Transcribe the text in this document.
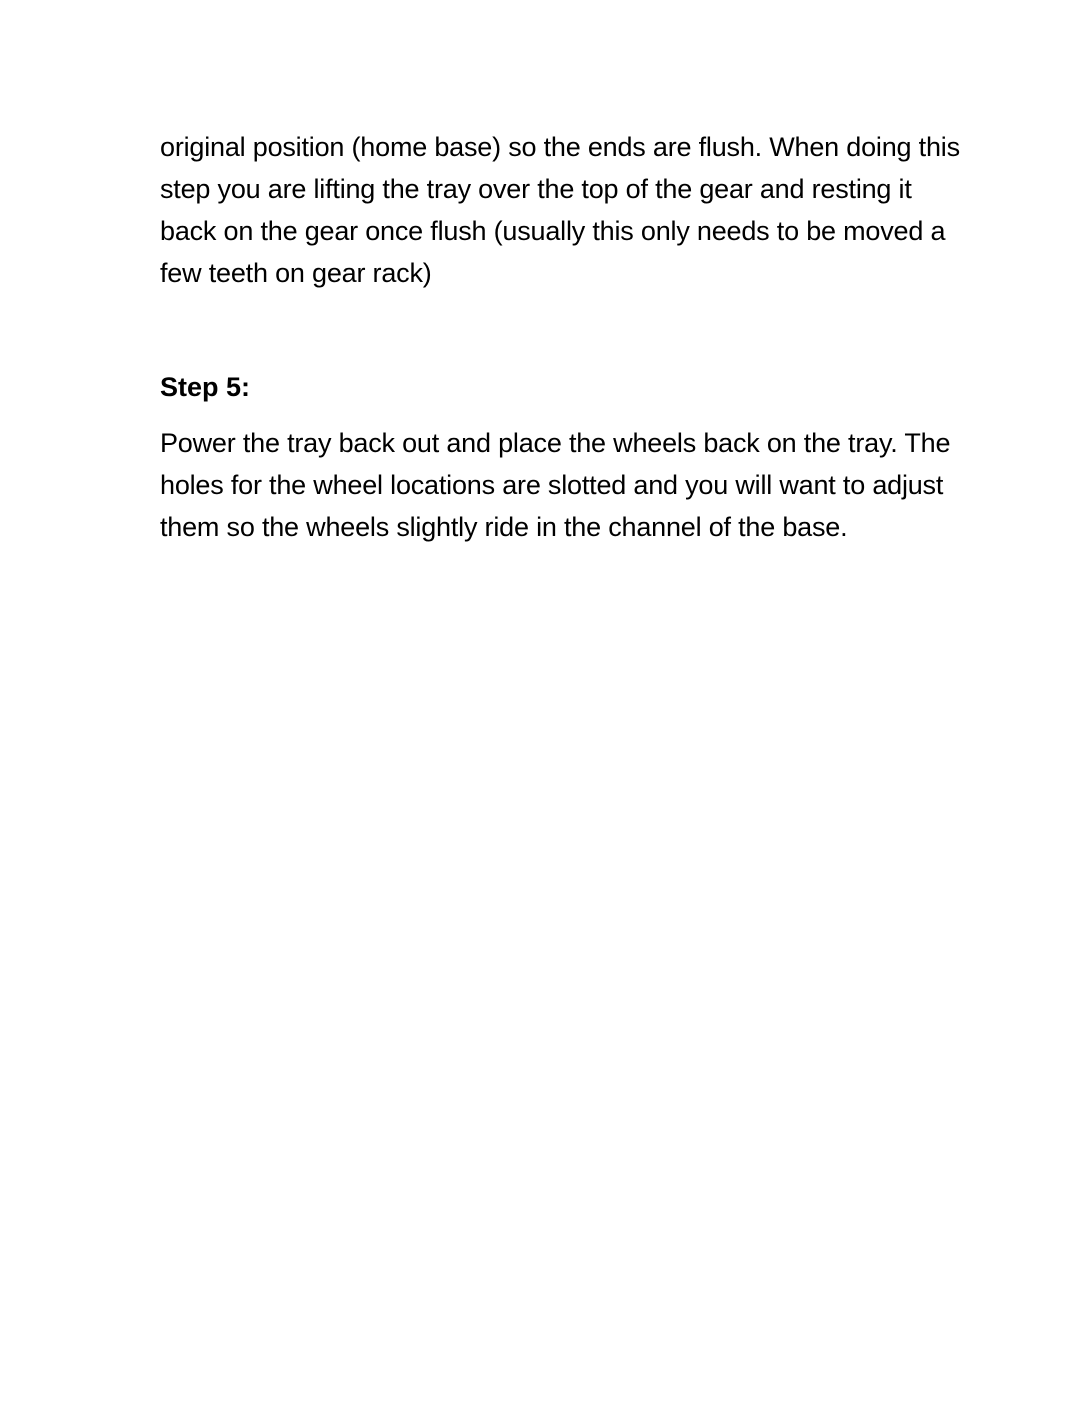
original position (home base) so the ends are flush. When doing this step you are lifting the tray over the top of the gear and resting it back on the gear once flush (usually this only needs to be moved a few teeth on gear rack)

Step 5:

Power the tray back out and place the wheels back on the tray. The holes for the wheel locations are slotted and you will want to adjust them so the wheels slightly ride in the channel of the base.
